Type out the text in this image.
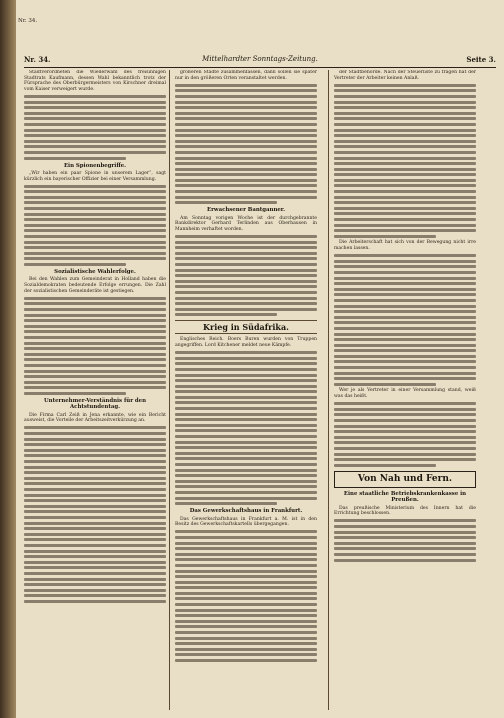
Nr. 34.
Nr. 34.	Mittelhardter Sonntags-Zeitung.	Seite 3.

Stadtverordneten die Wiederwahl des freisinnigen Stadtrats Kaufmann, dessen Wahl bekanntlich trotz der Fürsprache des Oberbürgermeisters von Kirschner dreimal vom Kaiser verweigert wurde.

Ein Spionenbegriffe.

„Wir haben ein paar Spione in unserem Lager“, sagt kürzlich ein bayerischer Offizier bei einer Versammlung.

Sozialistische Wahlerfolge.

Bei den Wahlen zum Gemeinderat in Holland haben die Sozialdemokraten bedeutende Erfolge errungen. Die Zahl der sozialistischen Gemeinderäte ist gestiegen.

Unternehmer-Verständnis für den Achtstundentag.

Die Firma Carl Zeiß in Jena erkannte, wie ein Bericht ausweist, die Vorteile der Arbeitszeitverkürzung an.

größeren Städte zusammenfassen, dann sollen sie später nur in den größeren Orten veranstaltet werden.

Erwachsener Bantganner.

Am Sonntag vorigen Woche ist der durchgebrannte Bankdirektor Gerhard Terlinden aus Oberhausen in Mannheim verhaftet worden.

Krieg in Südafrika.

Englisches Reich. Boers Buren wurden von Truppen angegriffen. Lord Kitchener meldet neue Kämpfe.

Das Gewerkschaftshaus in Frankfurt.

Das Gewerkschaftshaus in Frankfurt a. M. ist in den Besitz des Gewerkschaftskartells übergegangen.

der Stadtbehörde. Nach der Steuerliste zu fragen hat der Vertreter der Arbeiter keinen Anlaß.

Die Arbeiterschaft hat sich von der Bewegung nicht irre machen lassen.

Wer je als Vertreter in einer Versammlung stand, weiß was das heißt.

Von Nah und Fern.
Eine staatliche Betriebskrankenkasse in Preußen.

Das preußische Ministerium des Innern hat die Errichtung beschlossen.
